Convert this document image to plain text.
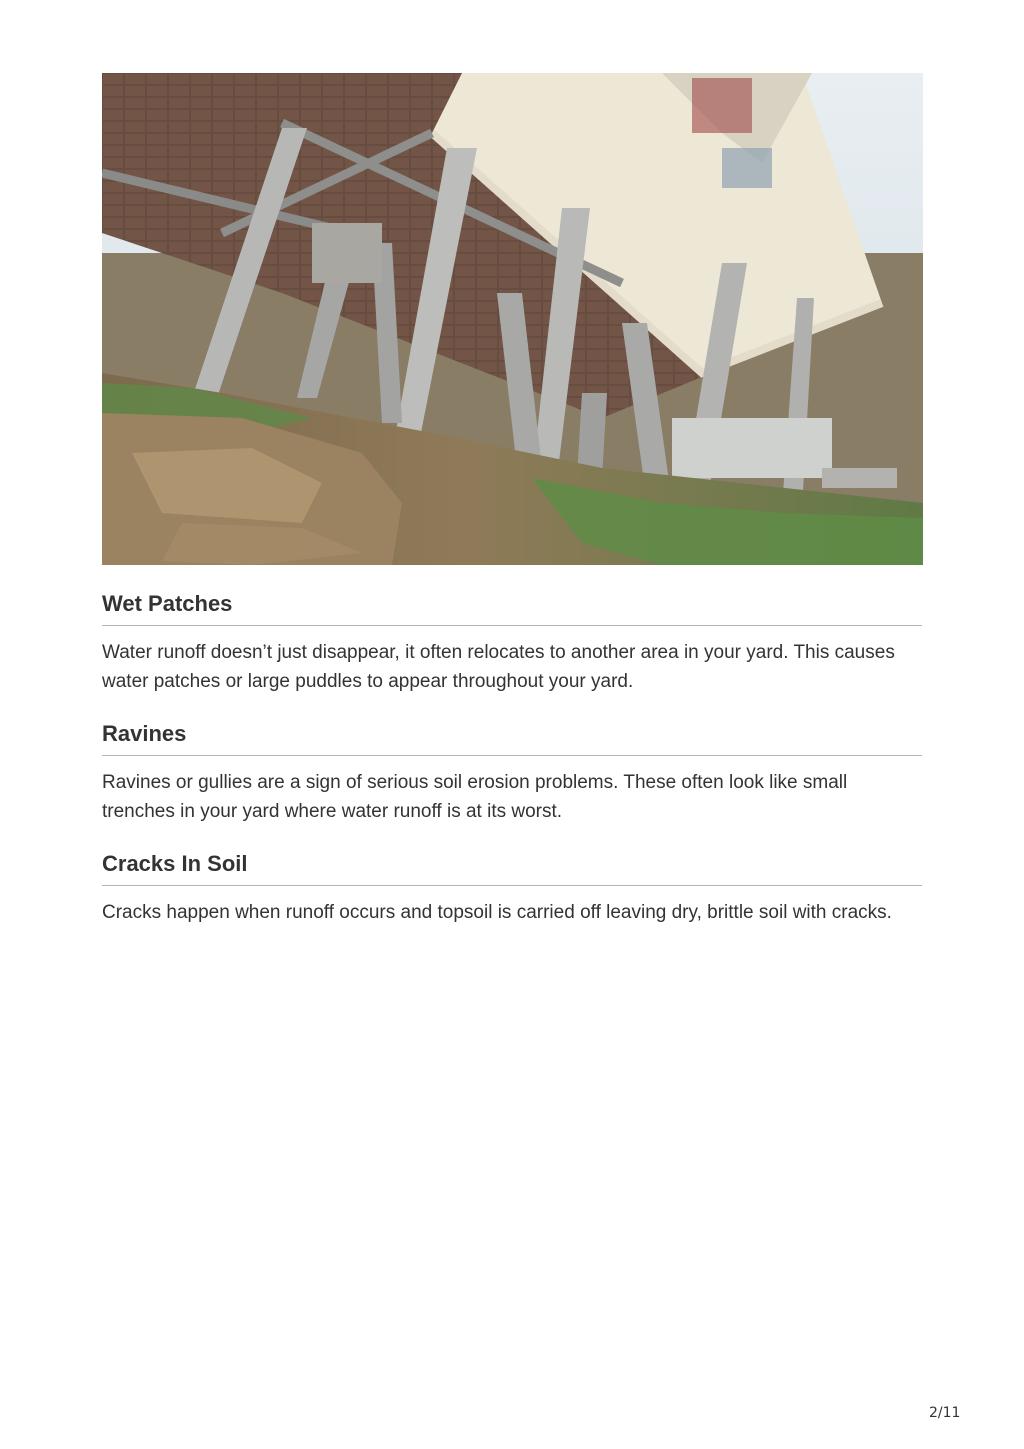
Wet Patches

Water runoff doesn’t just disappear, it often relocates to another area in your yard. This causes water patches or large puddles to appear throughout your yard.

Ravines

Ravines or gullies are a sign of serious soil erosion problems. These often look like small trenches in your yard where water runoff is at its worst.

Cracks In Soil

Cracks happen when runoff occurs and topsoil is carried off leaving dry, brittle soil with cracks.

2/11
